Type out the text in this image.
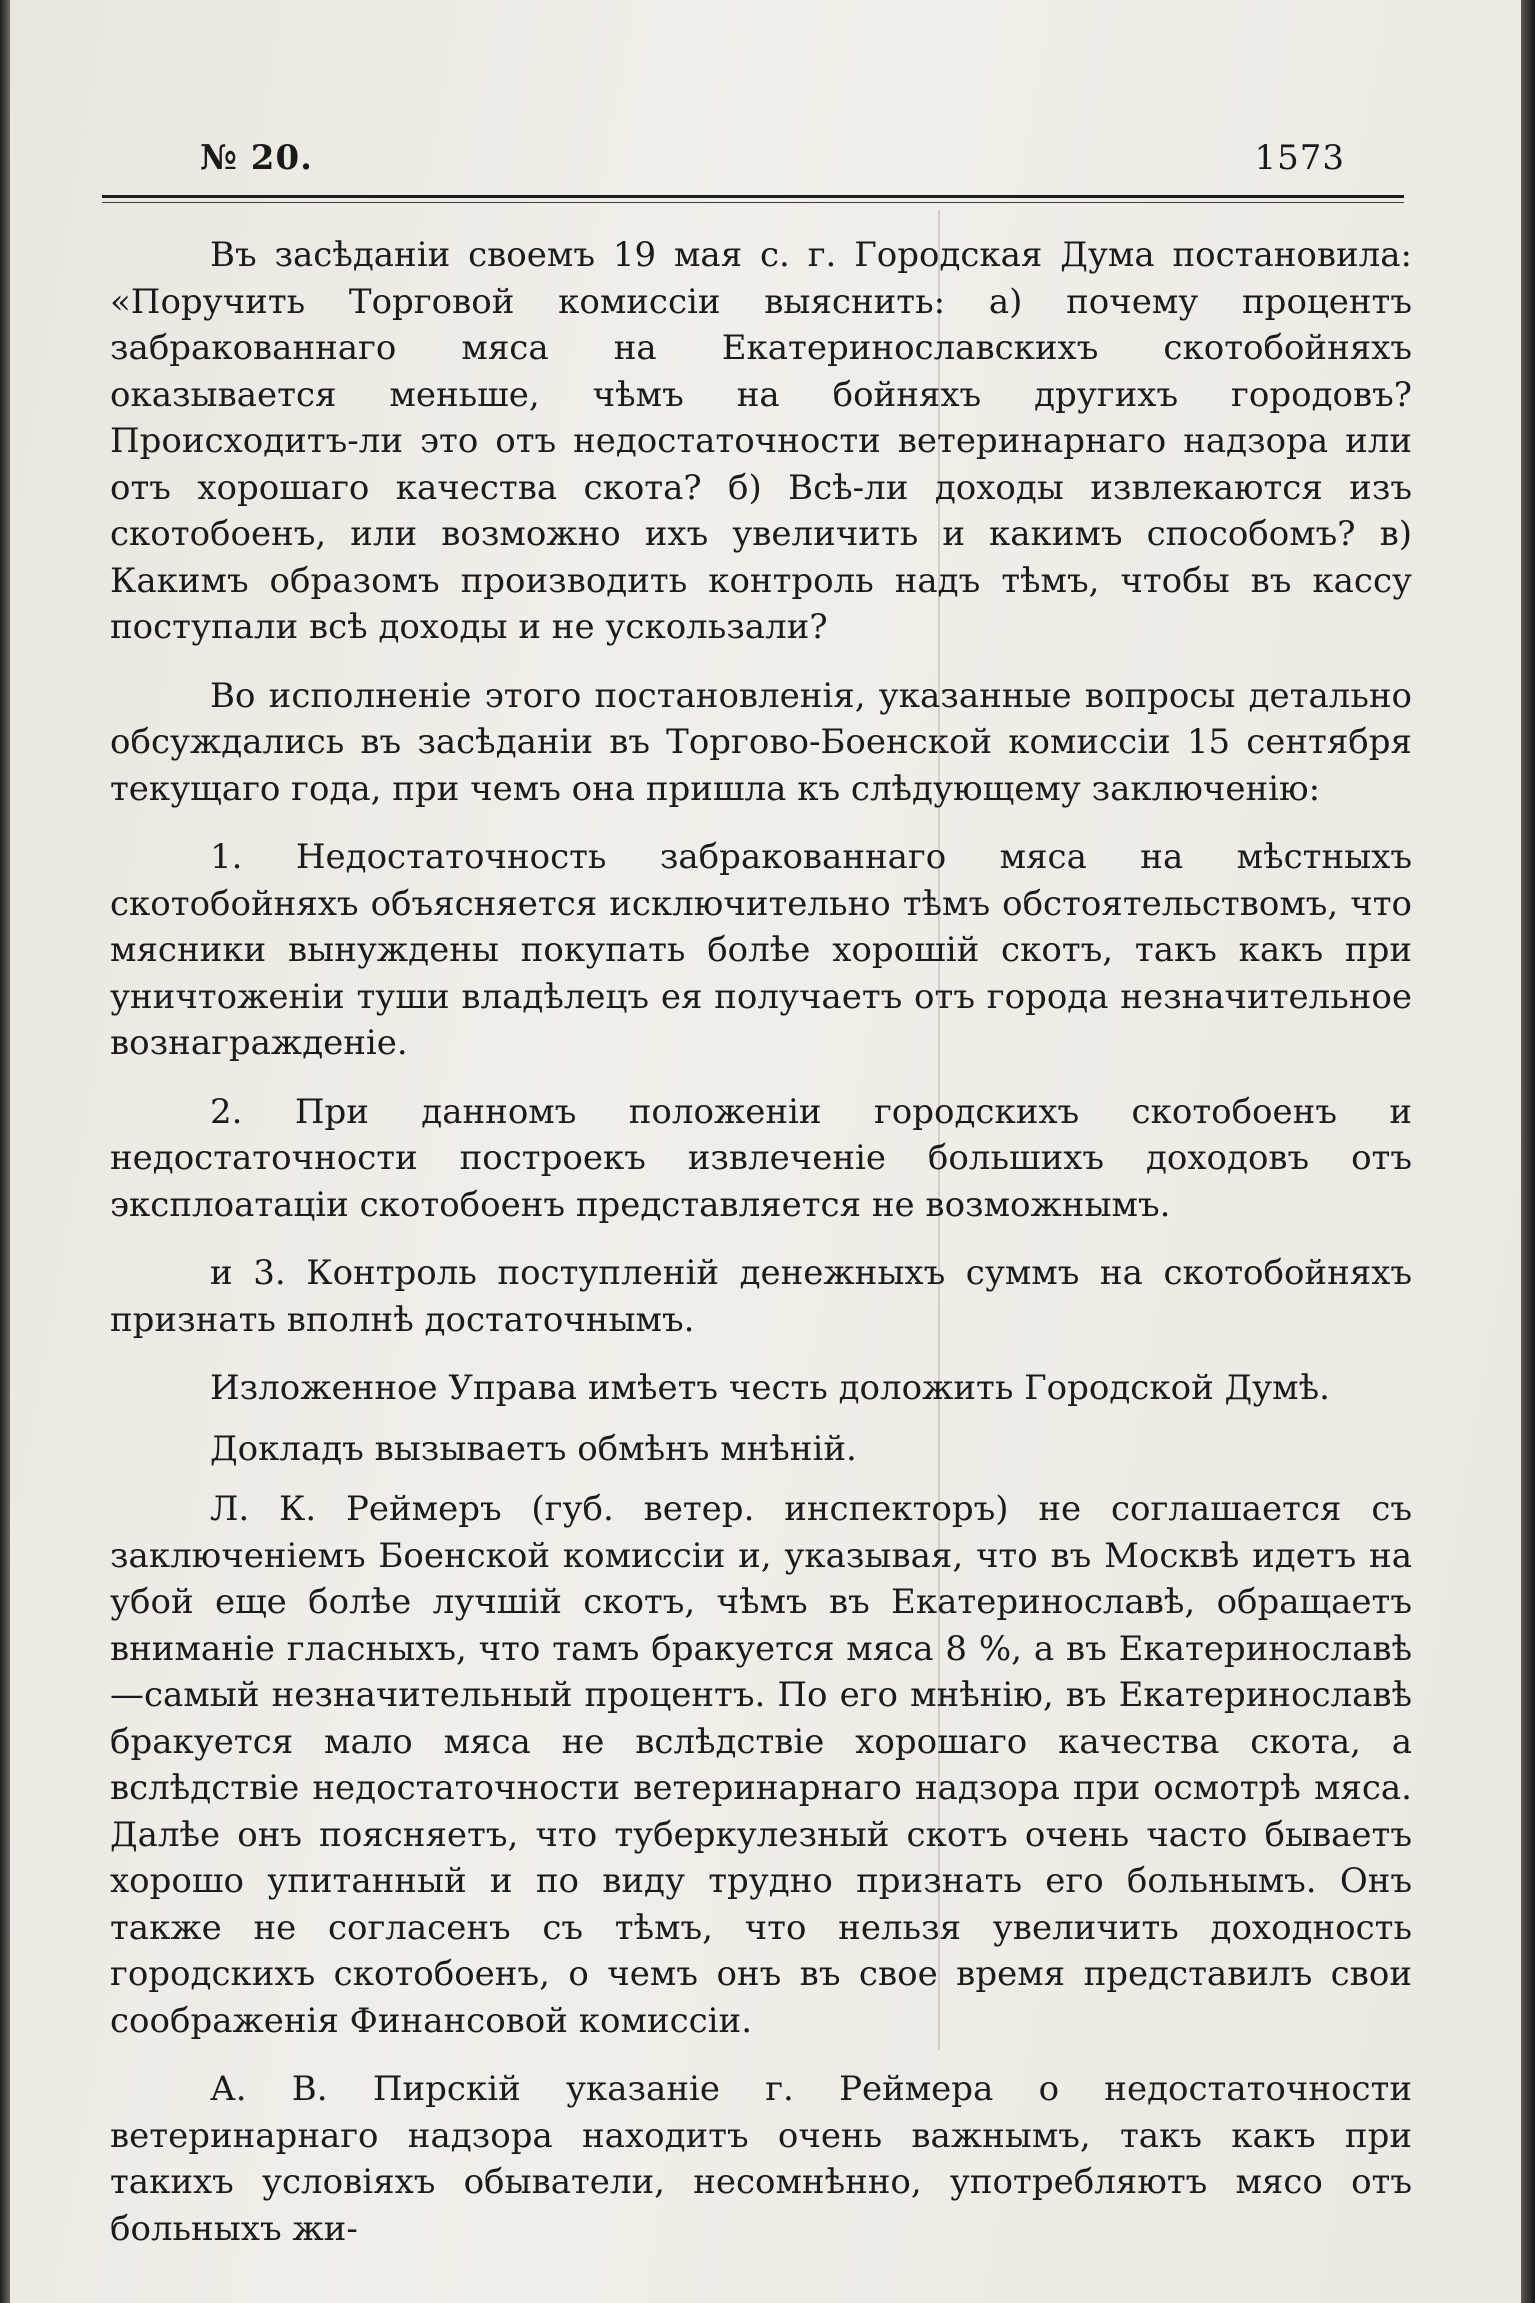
№ 20.	1573

Въ засѣданіи своемъ 19 мая с. г. Городская Дума постановила: «Поручить Торговой комиссіи выяснить: а) почему процентъ забракованнаго мяса на Екатеринославскихъ скотобойняхъ оказывается меньше, чѣмъ на бойняхъ другихъ городовъ? Происходитъ-ли это отъ недостаточности ветеринарнаго надзора или отъ хорошаго качества скота? б) Всѣ-ли доходы извлекаются изъ скотобоенъ, или возможно ихъ увеличить и какимъ способомъ? в) Какимъ образомъ производить контроль надъ тѣмъ, чтобы въ кассу поступали всѣ доходы и не ускользали?

Во исполненіе этого постановленія, указанные вопросы детально обсуждались въ засѣданіи въ Торгово-Боенской комиссіи 15 сентября текущаго года, при чемъ она пришла къ слѣдующему заключенію:

1. Недостаточность забракованнаго мяса на мѣстныхъ скотобойняхъ объясняется исключительно тѣмъ обстоятельствомъ, что мясники вынуждены покупать болѣе хорошій скотъ, такъ какъ при уничтоженіи туши владѣлецъ ея получаетъ отъ города незначительное вознагражденіе.

2. При данномъ положеніи городскихъ скотобоенъ и недостаточности построекъ извлеченіе большихъ доходовъ отъ эксплоатаціи скотобоенъ представляется не возможнымъ.

и 3. Контроль поступленій денежныхъ суммъ на скотобойняхъ признать вполнѣ достаточнымъ.

Изложенное Управа имѣетъ честь доложить Городской Думѣ.

Докладъ вызываетъ обмѣнъ мнѣній.

Л. К. Реймеръ (губ. ветер. инспекторъ) не соглашается съ заключеніемъ Боенской комиссіи и, указывая, что въ Москвѣ идетъ на убой еще болѣе лучшій скотъ, чѣмъ въ Екатеринославѣ, обращаетъ вниманіе гласныхъ, что тамъ бракуется мяса 8 %, а въ Екатеринославѣ—самый незначительный процентъ. По его мнѣнію, въ Екатеринославѣ бракуется мало мяса не вслѣдствіе хорошаго качества скота, а вслѣдствіе недостаточности ветеринарнаго надзора при осмотрѣ мяса. Далѣе онъ поясняетъ, что туберкулезный скотъ очень часто бываетъ хорошо упитанный и по виду трудно признать его больнымъ. Онъ также не согласенъ съ тѣмъ, что нельзя увеличить доходность городскихъ скотобоенъ, о чемъ онъ въ свое время представилъ свои соображенія Финансовой комиссіи.

А. В. Пирскій указаніе г. Реймера о недостаточности ветеринарнаго надзора находитъ очень важнымъ, такъ какъ при такихъ условіяхъ обыватели, несомнѣнно, употребляютъ мясо отъ больныхъ жи-
